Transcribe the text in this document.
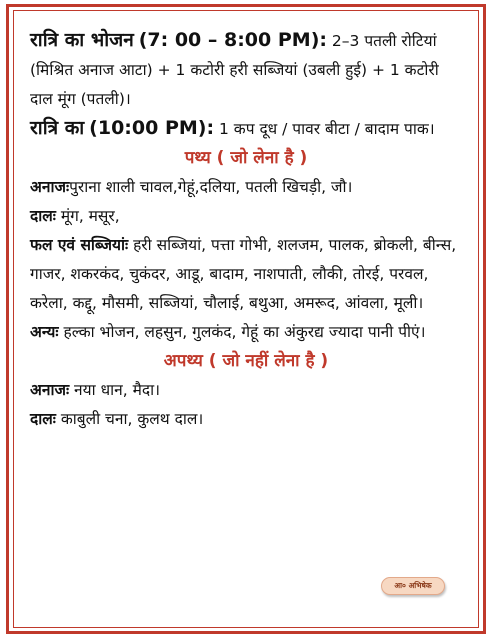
रात्रि का भोजन (7: 00 – 8:00 PM): 2–3 पतली रोटियां (मिश्रित अनाज आटा) + 1 कटोरी हरी सब्जियां (उबली हुई) + 1 कटोरी दाल मूंग (पतली)।

रात्रि का (10:00 PM): 1 कप दूध / पावर बीटा / बादाम पाक।

पथ्य ( जो लेना है )

अनाजःपुराना शाली चावल,गेहूं,दलिया, पतली खिचड़ी, जौ।

दालः मूंग, मसूर,

फल एवं सब्जियांः हरी सब्जियां, पत्ता गोभी, शलजम, पालक, ब्रोकली, बीन्स, गाजर, शकरकंद, चुकंदर, आडू, बादाम, नाशपाती, लौकी, तोरई, परवल, करेला, कद्दू, मौसमी, सब्जियां, चौलाई, बथुआ, अमरूद, आंवला, मूली।

अन्यः हल्का भोजन, लहसुन, गुलकंद, गेहूं का अंकुरद्य ज्यादा पानी पीएं।

अपथ्य ( जो नहीं लेना है )

अनाजः नया धान, मैदा।

दालः काबुली चना, कुलथ दाल।

आ० अभिषेक
